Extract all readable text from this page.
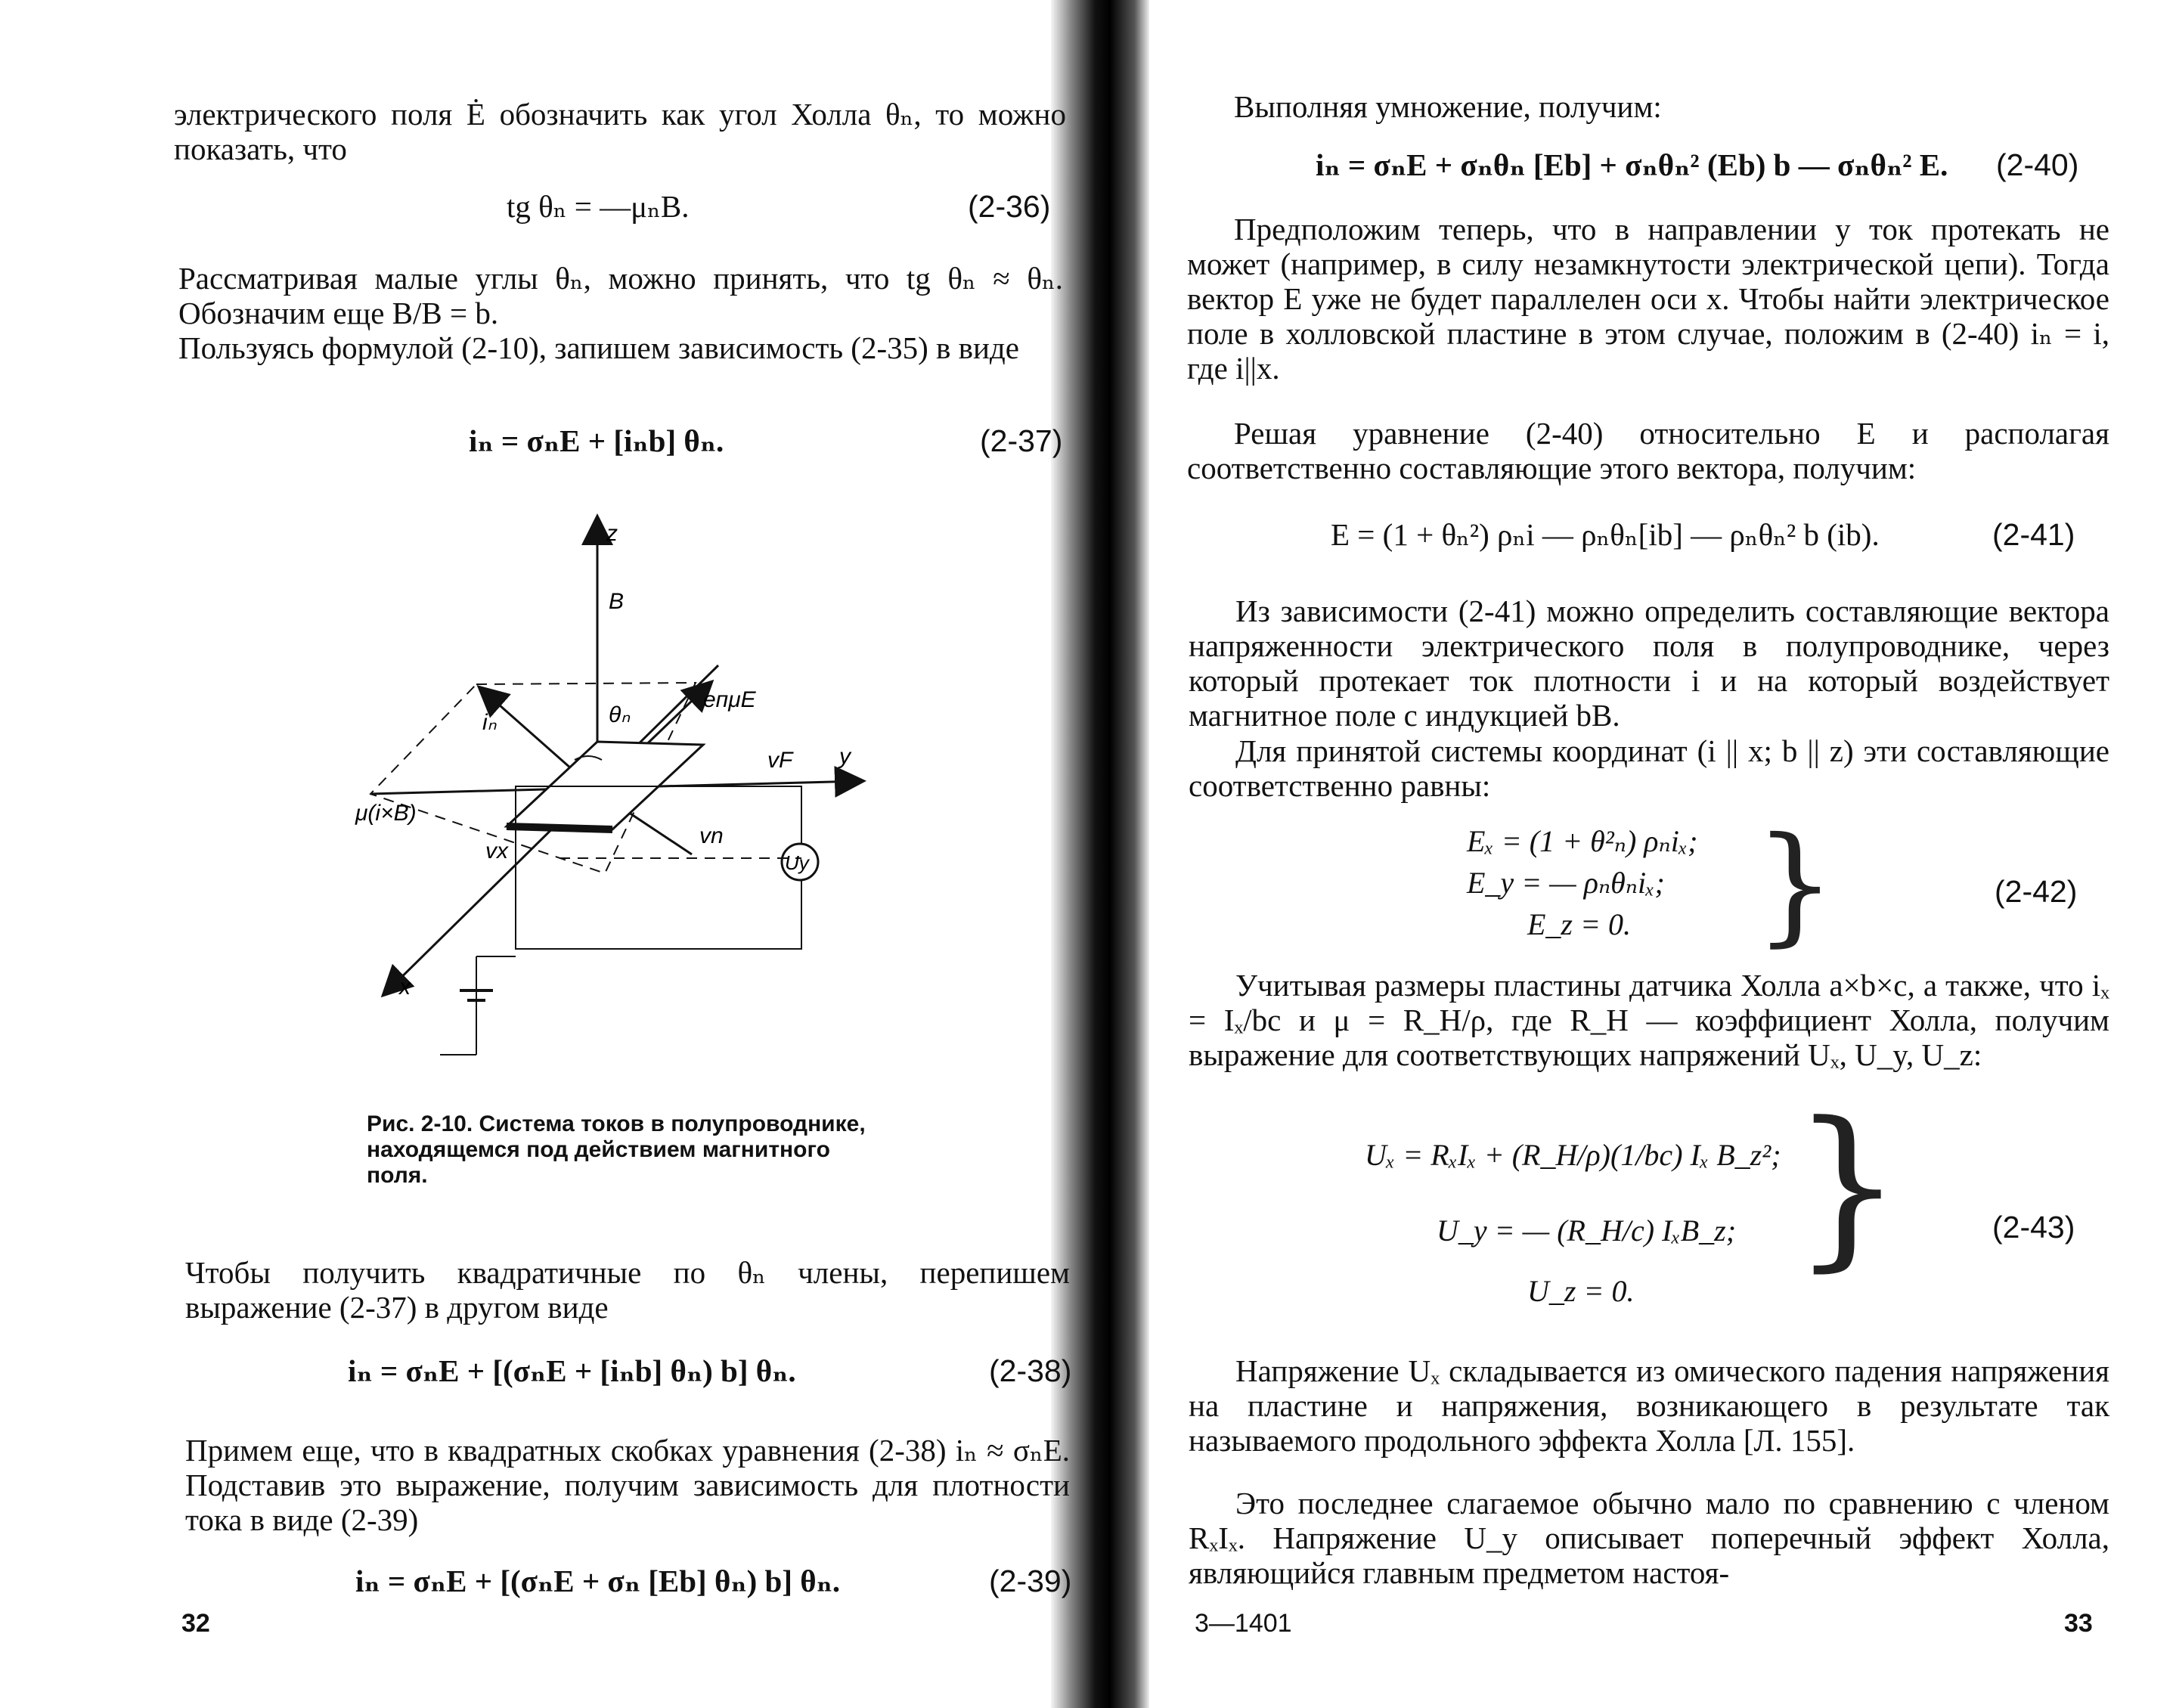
электрического поля Ė обозначить как угол Холла θₙ, то можно показать, что

tg θₙ = —μₙB.	(2-36)

Рассматривая малые углы θₙ, можно принять, что tg θₙ ≈ θₙ. Обозначим еще B/B = b.

Пользуясь формулой (2-10), запишем зависимость (2-35) в виде

iₙ = σₙE + [iₙb] θₙ.	(2-37)
z
B
iₙ	θₙ
eпμE
vF y
μ(i×B)
vx
vn
Uy
x

Рис. 2-10. Система токов в полупроводнике, находящемся под действием магнитного поля.

Чтобы получить квадратичные по θₙ члены, перепишем выражение (2-37) в другом виде

iₙ = σₙE + [(σₙE + [iₙb] θₙ) b] θₙ.	(2-38)

Примем еще, что в квадратных скобках уравнения (2-38) iₙ ≈ σₙE. Подставив это выражение, получим зависимость для плотности тока в виде (2-39)

iₙ = σₙE + [(σₙE + σₙ [Eb] θₙ) b] θₙ.	(2-39)
32

Выполняя умножение, получим:

iₙ = σₙE + σₙθₙ [Eb] + σₙθₙ² (Eb) b — σₙθₙ² E. (2-40)

Предположим теперь, что в направлении y ток протекать не может (например, в силу незамкнутости электрической цепи). Тогда вектор E уже не будет параллелен оси x. Чтобы найти электрическое поле в холловской пластине в этом случае, положим в (2-40) iₙ = i, где i||x.

Решая уравнение (2-40) относительно E и располагая соответственно составляющие этого вектора, получим:

E = (1 + θₙ²) ρₙi — ρₙθₙ[ib] — ρₙθₙ² b (ib).	(2-41)

Из зависимости (2-41) можно определить составляющие вектора напряженности электрического поля в полупроводнике, через который протекает ток плотности i и на который воздействует магнитное поле с индукцией bB.

Для принятой системы координат (i || x; b || z) эти составляющие соответственно равны:

Eₓ = (1 + θ²ₙ) ρₙiₓ;
E_y = — ρₙθₙiₓ;
E_z = 0. }	(2-42)

Учитывая размеры пластины датчика Холла a×b×c, а также, что iₓ = Iₓ/bc и μ = R_H/ρ, где R_H — коэффициент Холла, получим выражение для соответствующих напряжений Uₓ, U_y, U_z:

Uₓ = RₓIₓ + (R_H/ρ)(1/bc) Iₓ B_z²;
U_y = — (R_H/c) IₓB_z;
U_z = 0.
}	(2-43)

Напряжение Uₓ складывается из омического падения напряжения на пластине и напряжения, возникающего в результате так называемого продольного эффекта Холла [Л. 155].

Это последнее слагаемое обычно мало по сравнению с членом RₓIₓ. Напряжение U_y описывает поперечный эффект Холла, являющийся главным предметом настоя-

3—1401	33
